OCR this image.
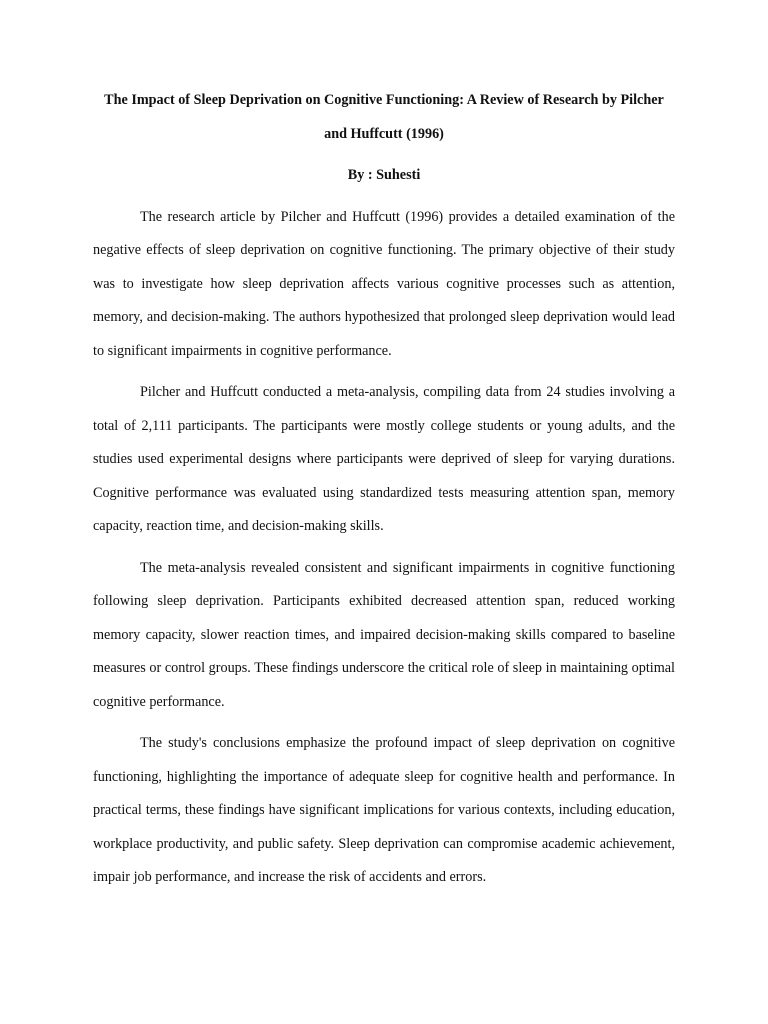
The Impact of Sleep Deprivation on Cognitive Functioning: A Review of Research by Pilcher and Huffcutt (1996)

By : Suhesti

The research article by Pilcher and Huffcutt (1996) provides a detailed examination of the negative effects of sleep deprivation on cognitive functioning. The primary objective of their study was to investigate how sleep deprivation affects various cognitive processes such as attention, memory, and decision-making. The authors hypothesized that prolonged sleep deprivation would lead to significant impairments in cognitive performance.

Pilcher and Huffcutt conducted a meta-analysis, compiling data from 24 studies involving a total of 2,111 participants. The participants were mostly college students or young adults, and the studies used experimental designs where participants were deprived of sleep for varying durations. Cognitive performance was evaluated using standardized tests measuring attention span, memory capacity, reaction time, and decision-making skills.

The meta-analysis revealed consistent and significant impairments in cognitive functioning following sleep deprivation. Participants exhibited decreased attention span, reduced working memory capacity, slower reaction times, and impaired decision-making skills compared to baseline measures or control groups. These findings underscore the critical role of sleep in maintaining optimal cognitive performance.

The study's conclusions emphasize the profound impact of sleep deprivation on cognitive functioning, highlighting the importance of adequate sleep for cognitive health and performance. In practical terms, these findings have significant implications for various contexts, including education, workplace productivity, and public safety. Sleep deprivation can compromise academic achievement, impair job performance, and increase the risk of accidents and errors.
